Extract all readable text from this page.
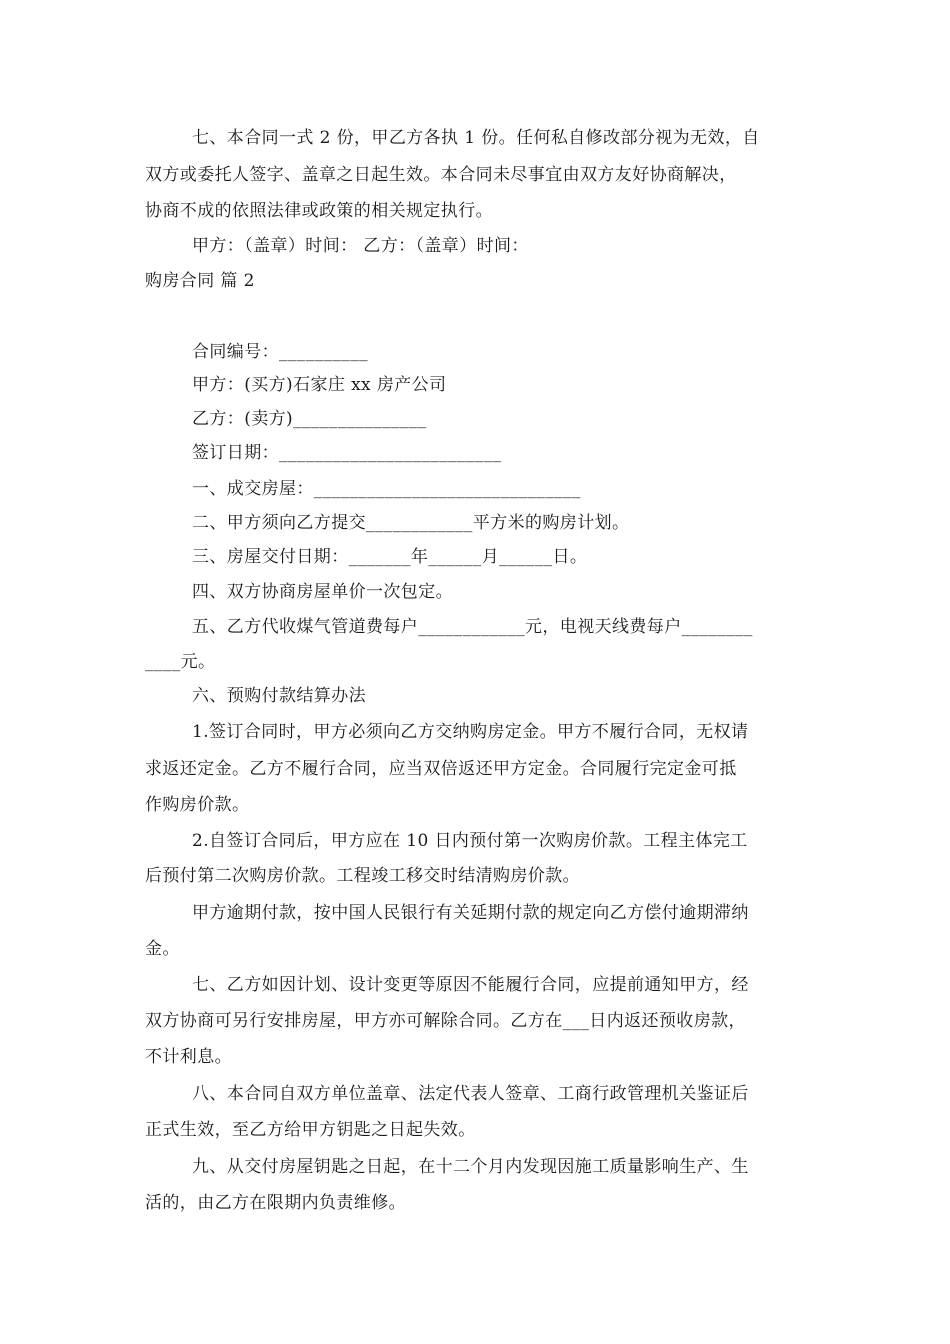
七、本合同一式 2 份，甲乙方各执 1 份。任何私自修改部分视为无效，自
双方或委托人签字、盖章之日起生效。本合同未尽事宜由双方友好协商解决，
协商不成的依照法律或政策的相关规定执行。
甲方：（盖章）时间： 乙方：（盖章）时间：
购房合同 篇 2
合同编号：__________
甲方：(买方)石家庄 xx 房产公司
乙方：(卖方)_______________
签订日期：_________________________
一、成交房屋：______________________________
二、甲方须向乙方提交____________平方米的购房计划。
三、房屋交付日期：_______年______月______日。
四、双方协商房屋单价一次包定。
五、乙方代收煤气管道费每户____________元，电视天线费每户________
____元。
六、预购付款结算办法
1.签订合同时，甲方必须向乙方交纳购房定金。甲方不履行合同，无权请
求返还定金。乙方不履行合同，应当双倍返还甲方定金。合同履行完定金可抵
作购房价款。
2.自签订合同后，甲方应在 10 日内预付第一次购房价款。工程主体完工
后预付第二次购房价款。工程竣工移交时结清购房价款。
甲方逾期付款，按中国人民银行有关延期付款的规定向乙方偿付逾期滞纳
金。
七、乙方如因计划、设计变更等原因不能履行合同，应提前通知甲方，经
双方协商可另行安排房屋，甲方亦可解除合同。乙方在___日内返还预收房款，
不计利息。
八、本合同自双方单位盖章、法定代表人签章、工商行政管理机关鉴证后
正式生效，至乙方给甲方钥匙之日起失效。
九、从交付房屋钥匙之日起，在十二个月内发现因施工质量影响生产、生
活的，由乙方在限期内负责维修。
